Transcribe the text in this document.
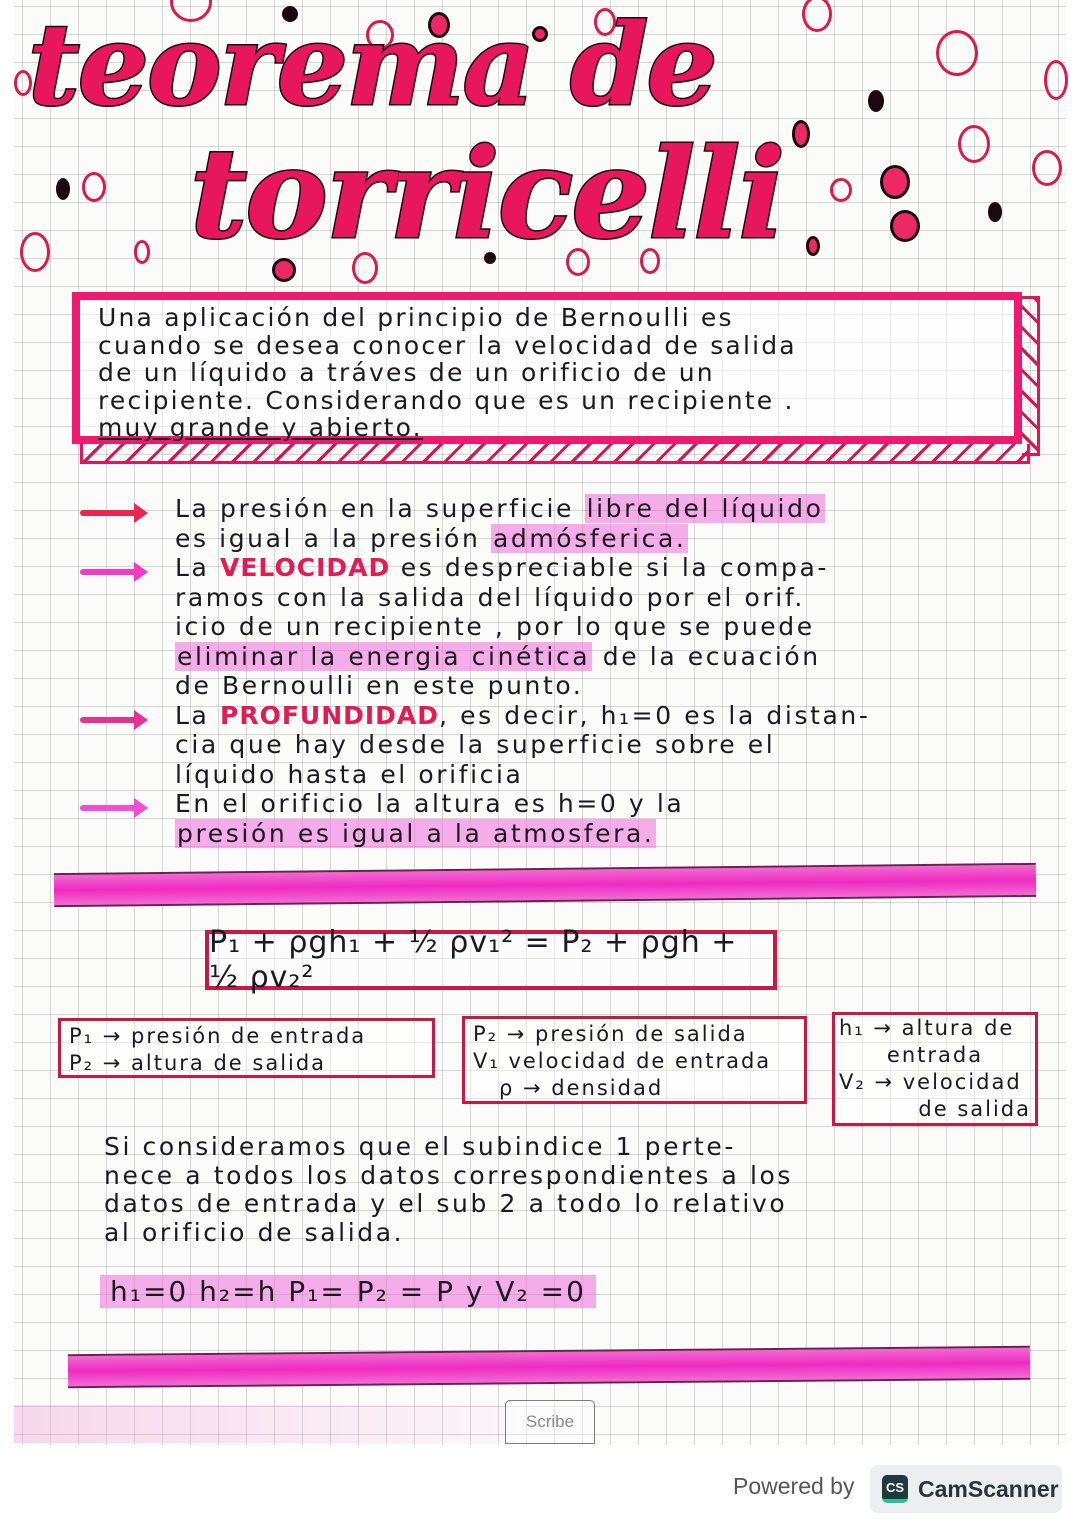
teorema de
torricelli
Una aplicación del principio de Bernoulli es
cuando se desea conocer la velocidad de salida
de un líquido a tráves de un orificio de un
recipiente. Considerando que es un recipiente .
muy grande y abierto.
La presión en la superficie libre del líquido
es igual a la presión admósferica.
La VELOCIDAD es despreciable si la compa-
ramos con la salida del líquido por el orif.
icio de un recipiente , por lo que se puede
eliminar la energia cinética de la ecuación
de Bernoulli en este punto.
La PROFUNDIDAD, es decir, h₁=0 es la distan-
cia que hay desde la superficie sobre el
líquido hasta el orificia
En el orificio la altura es h=0 y la
presión es igual a la atmosfera.
P₁ + ρgh₁ + ½ ρv₁² = P₂ + ρgh + ½ ρv₂²
P₁ → presión de entrada
P₂ → altura de salida
P₂ → presión de salida
V₁ velocidad de entrada
ρ → densidad
h₁ → altura de
entrada
V₂ → velocidad
de salida
Si consideramos que el subindice 1 perte-
nece a todos los datos correspondientes a los
datos de entrada y el sub 2 a todo lo relativo
al orificio de salida.
h₁=0 h₂=h P₁= P₂ = P y V₂ =0
Scribe
Powered by	CS CamScanner
